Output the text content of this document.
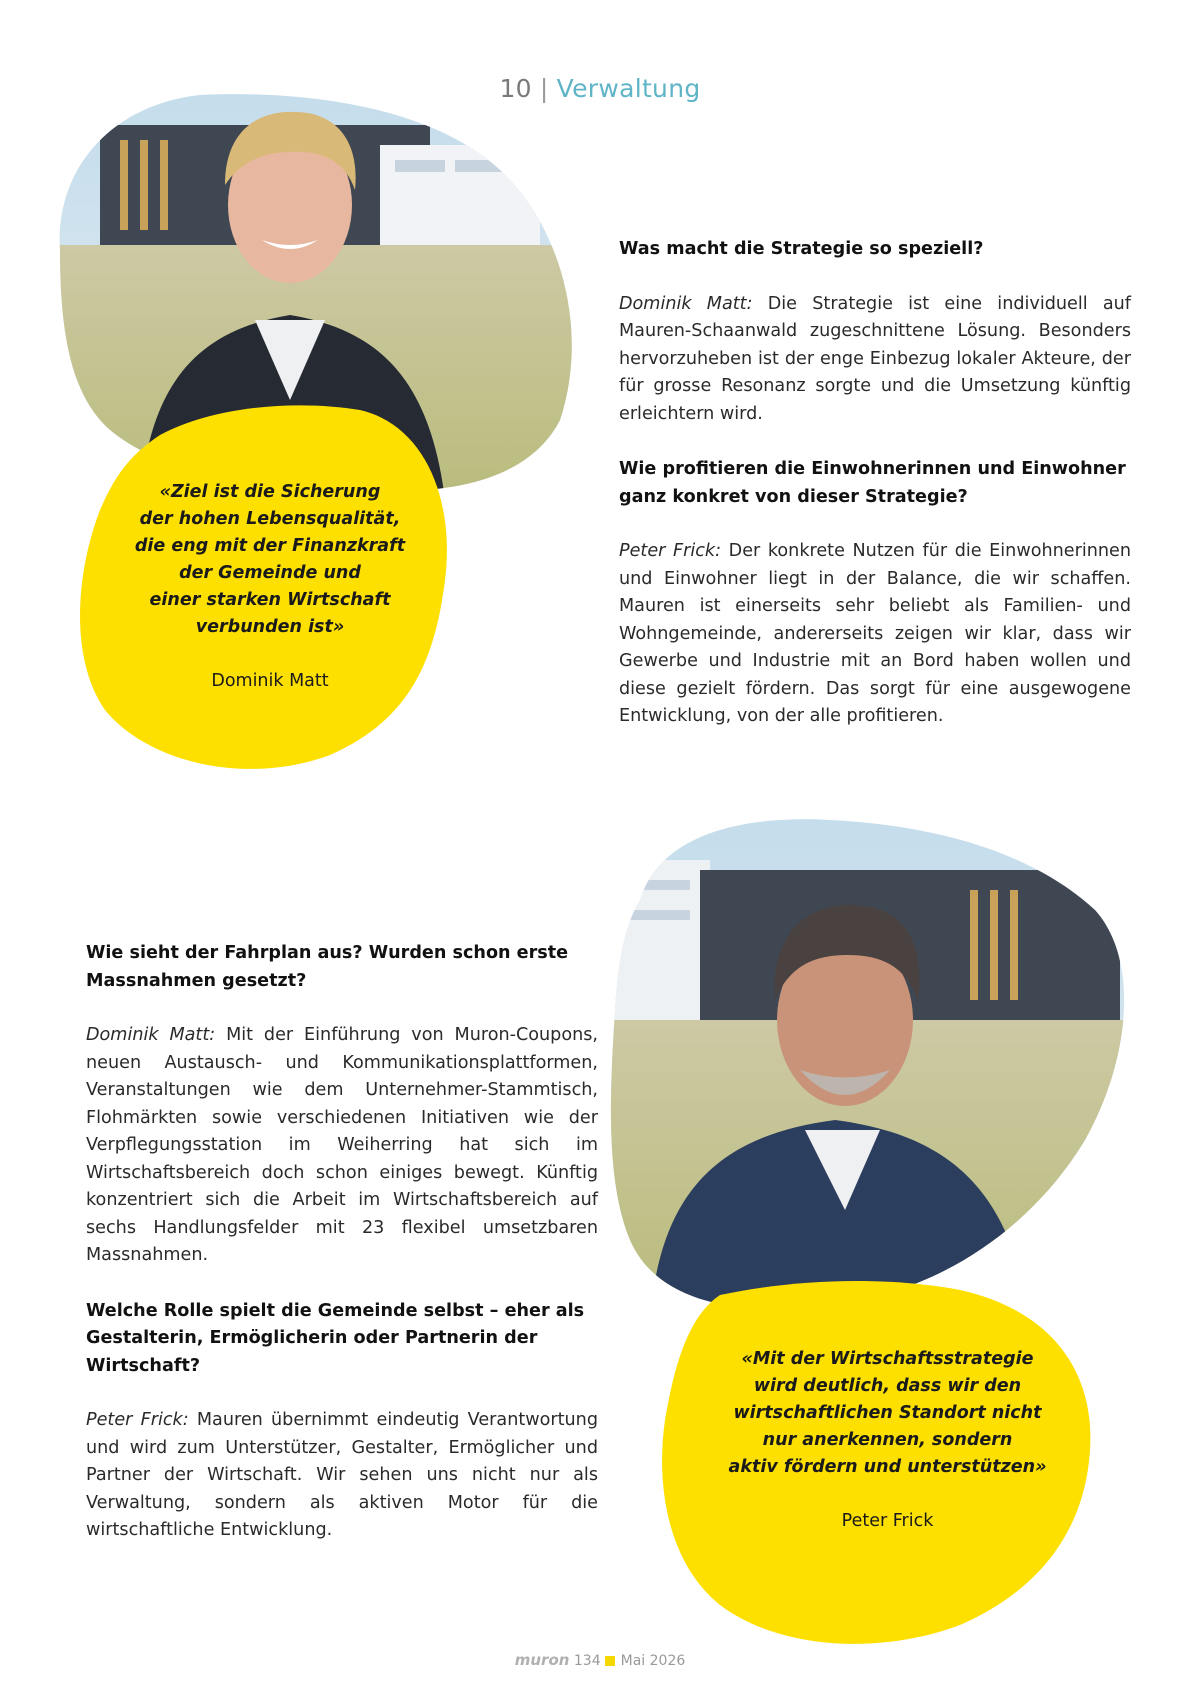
10 | Verwaltung

Was macht die Strategie so speziell?

Dominik Matt: Die Strategie ist eine individuell auf Mauren-Schaanwald zugeschnittene Lösung. Besonders hervorzuheben ist der enge Einbezug lokaler Akteure, der für grosse Resonanz sorgte und die Umsetzung künftig erleichtern wird.

Wie profitieren die Einwohnerinnen und Einwohner ganz konkret von dieser Strategie?

Peter Frick: Der konkrete Nutzen für die Einwohnerinnen und Einwohner liegt in der Balance, die wir schaffen. Mauren ist einerseits sehr beliebt als Familien- und Wohngemeinde, andererseits zeigen wir klar, dass wir Gewerbe und Industrie mit an Bord haben wollen und diese gezielt fördern. Das sorgt für eine ausgewogene Entwicklung, von der alle profitieren.

Wie sieht der Fahrplan aus? Wurden schon erste Massnahmen gesetzt?

Dominik Matt: Mit der Einführung von Muron-Coupons, neuen Austausch- und Kommunikationsplattformen, Veranstaltungen wie dem Unternehmer-Stammtisch, Flohmärkten sowie verschiedenen Initiativen wie der Verpflegungsstation im Weiherring hat sich im Wirtschaftsbereich doch schon einiges bewegt. Künftig konzentriert sich die Arbeit im Wirtschaftsbereich auf sechs Handlungsfelder mit 23 flexibel umsetzbaren Massnahmen.

Welche Rolle spielt die Gemeinde selbst – eher als Gestalterin, Ermöglicherin oder Partnerin der Wirtschaft?

Peter Frick: Mauren übernimmt eindeutig Verantwortung und wird zum Unterstützer, Gestalter, Ermöglicher und Partner der Wirtschaft. Wir sehen uns nicht nur als Verwaltung, sondern als aktiven Motor für die wirtschaftliche Entwicklung.

«Ziel ist die Sicherung
der hohen Lebensqualität,
die eng mit der Finanzkraft
der Gemeinde und
einer starken Wirtschaft
verbunden ist»
Dominik Matt
«Mit der Wirtschaftsstrategie
wird deutlich, dass wir den
wirtschaftlichen Standort nicht
nur anerkennen, sondern
aktiv fördern und unterstützen»
Peter Frick
muron 134 Mai 2026
